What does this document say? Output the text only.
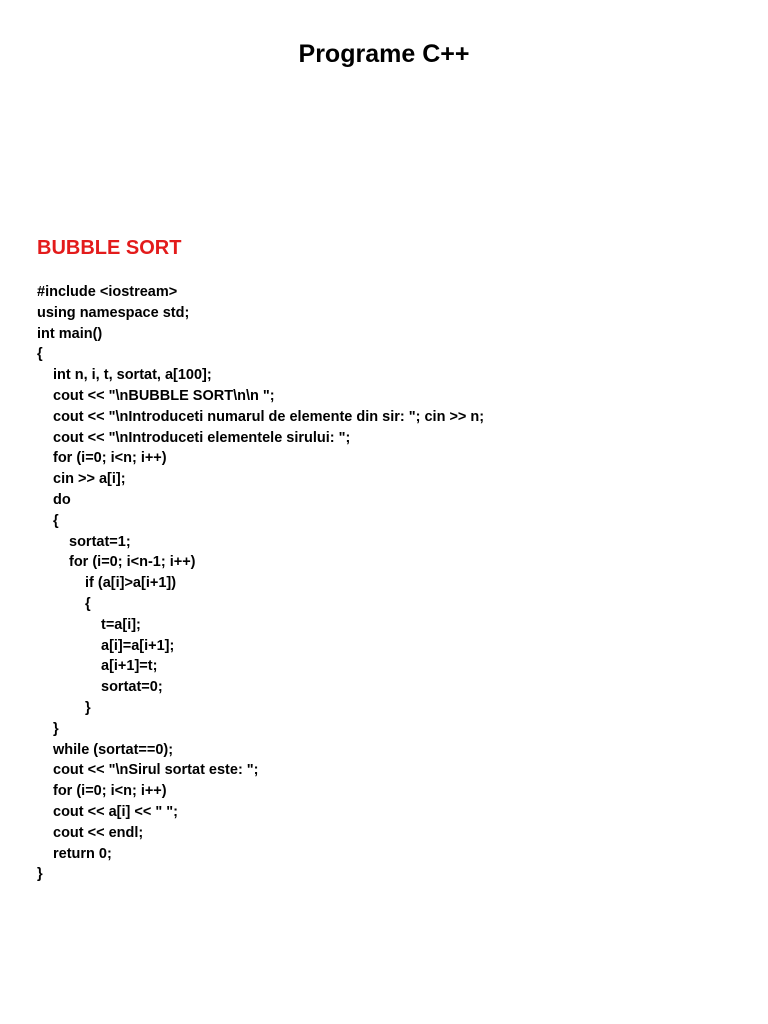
Programe C++
BUBBLE SORT
#include <iostream>
using namespace std;
int main()
{
int n, i, t, sortat, a[100];
cout << "\nBUBBLE SORT\n\n ";
cout << "\nIntroduceti numarul de elemente din sir: "; cin >> n;
cout << "\nIntroduceti elementele sirului: ";
for (i=0; i<n; i++)
cin >> a[i];
do
{
sortat=1;
for (i=0; i<n-1; i++)
if (a[i]>a[i+1])
{
t=a[i];
a[i]=a[i+1];
a[i+1]=t;
sortat=0;
}
}
while (sortat==0);
cout << "\nSirul sortat este: ";
for (i=0; i<n; i++)
cout << a[i] << " ";
cout << endl;
return 0;
}
